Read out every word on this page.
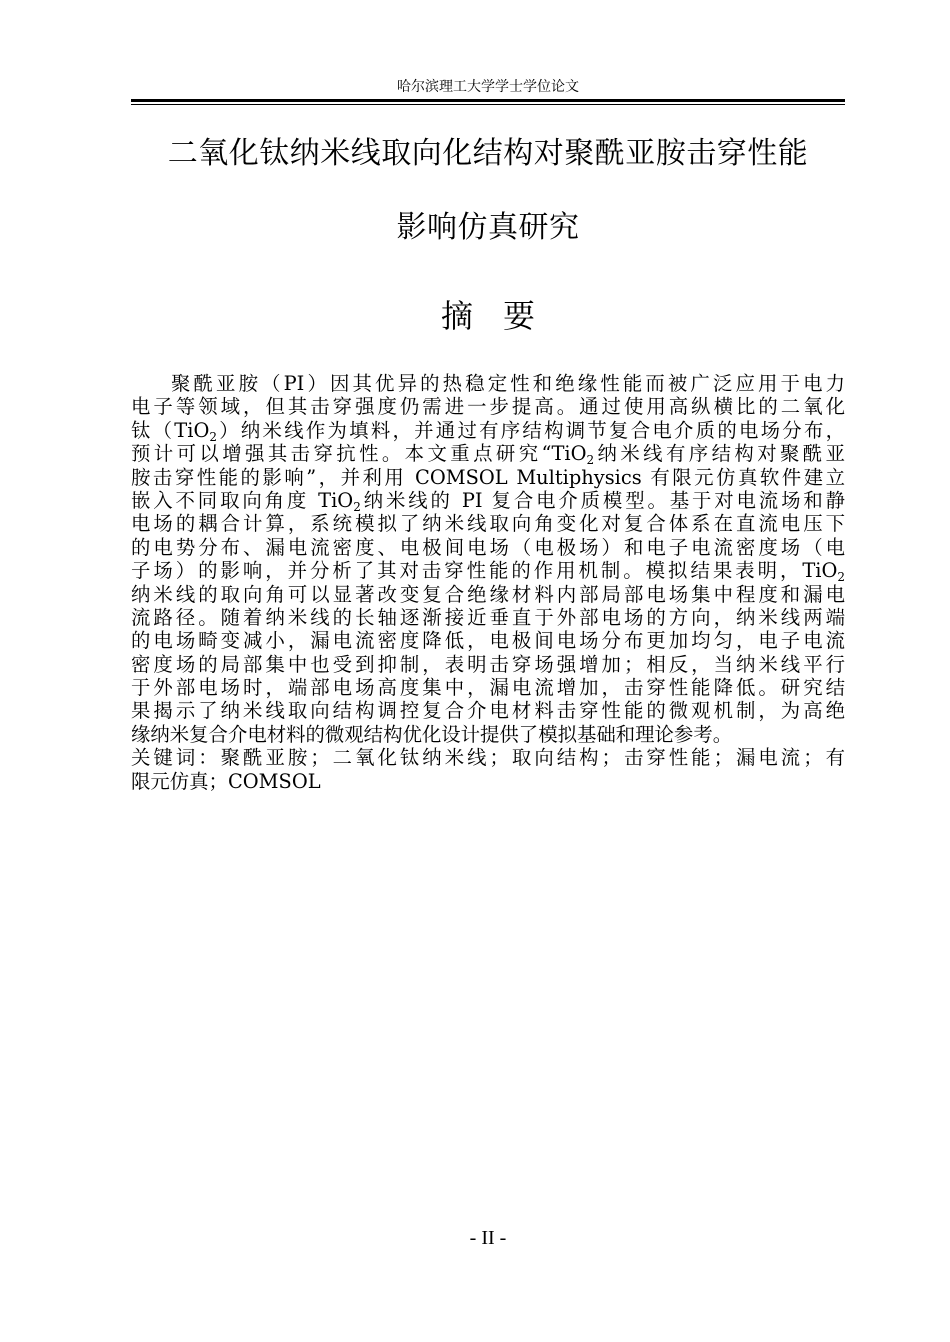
哈尔滨理工大学学士学位论文
二氧化钛纳米线取向化结构对聚酰亚胺击穿性能
影响仿真研究
摘要
聚酰亚胺（PI）因其优异的热稳定性和绝缘性能而被广泛应用于电力
电子等领域，但其击穿强度仍需进一步提高。通过使用高纵横比的二氧化
钛（TiO$_2$）纳米线作为填料，并通过有序结构调节复合电介质的电场分布，
预计可以增强其击穿抗性。本文重点研究“TiO$_2$纳米线有序结构对聚酰亚
胺击穿性能的影响”，并利用 COMSOL Multiphysics 有限元仿真软件建立
嵌入不同取向角度 TiO$_2$纳米线的 PI 复合电介质模型。基于对电流场和静
电场的耦合计算，系统模拟了纳米线取向角变化对复合体系在直流电压下
的电势分布、漏电流密度、电极间电场（电极场）和电子电流密度场（电
子场）的影响，并分析了其对击穿性能的作用机制。模拟结果表明，TiO$_2$
纳米线的取向角可以显著改变复合绝缘材料内部局部电场集中程度和漏电
流路径。随着纳米线的长轴逐渐接近垂直于外部电场的方向，纳米线两端
的电场畸变减小，漏电流密度降低，电极间电场分布更加均匀，电子电流
密度场的局部集中也受到抑制，表明击穿场强增加；相反，当纳米线平行
于外部电场时，端部电场高度集中，漏电流增加，击穿性能降低。研究结
果揭示了纳米线取向结构调控复合介电材料击穿性能的微观机制，为高绝
缘纳米复合介电材料的微观结构优化设计提供了模拟基础和理论参考。
关键词：聚酰亚胺；二氧化钛纳米线；取向结构；击穿性能；漏电流；有
限元仿真；COMSOL
- II -
